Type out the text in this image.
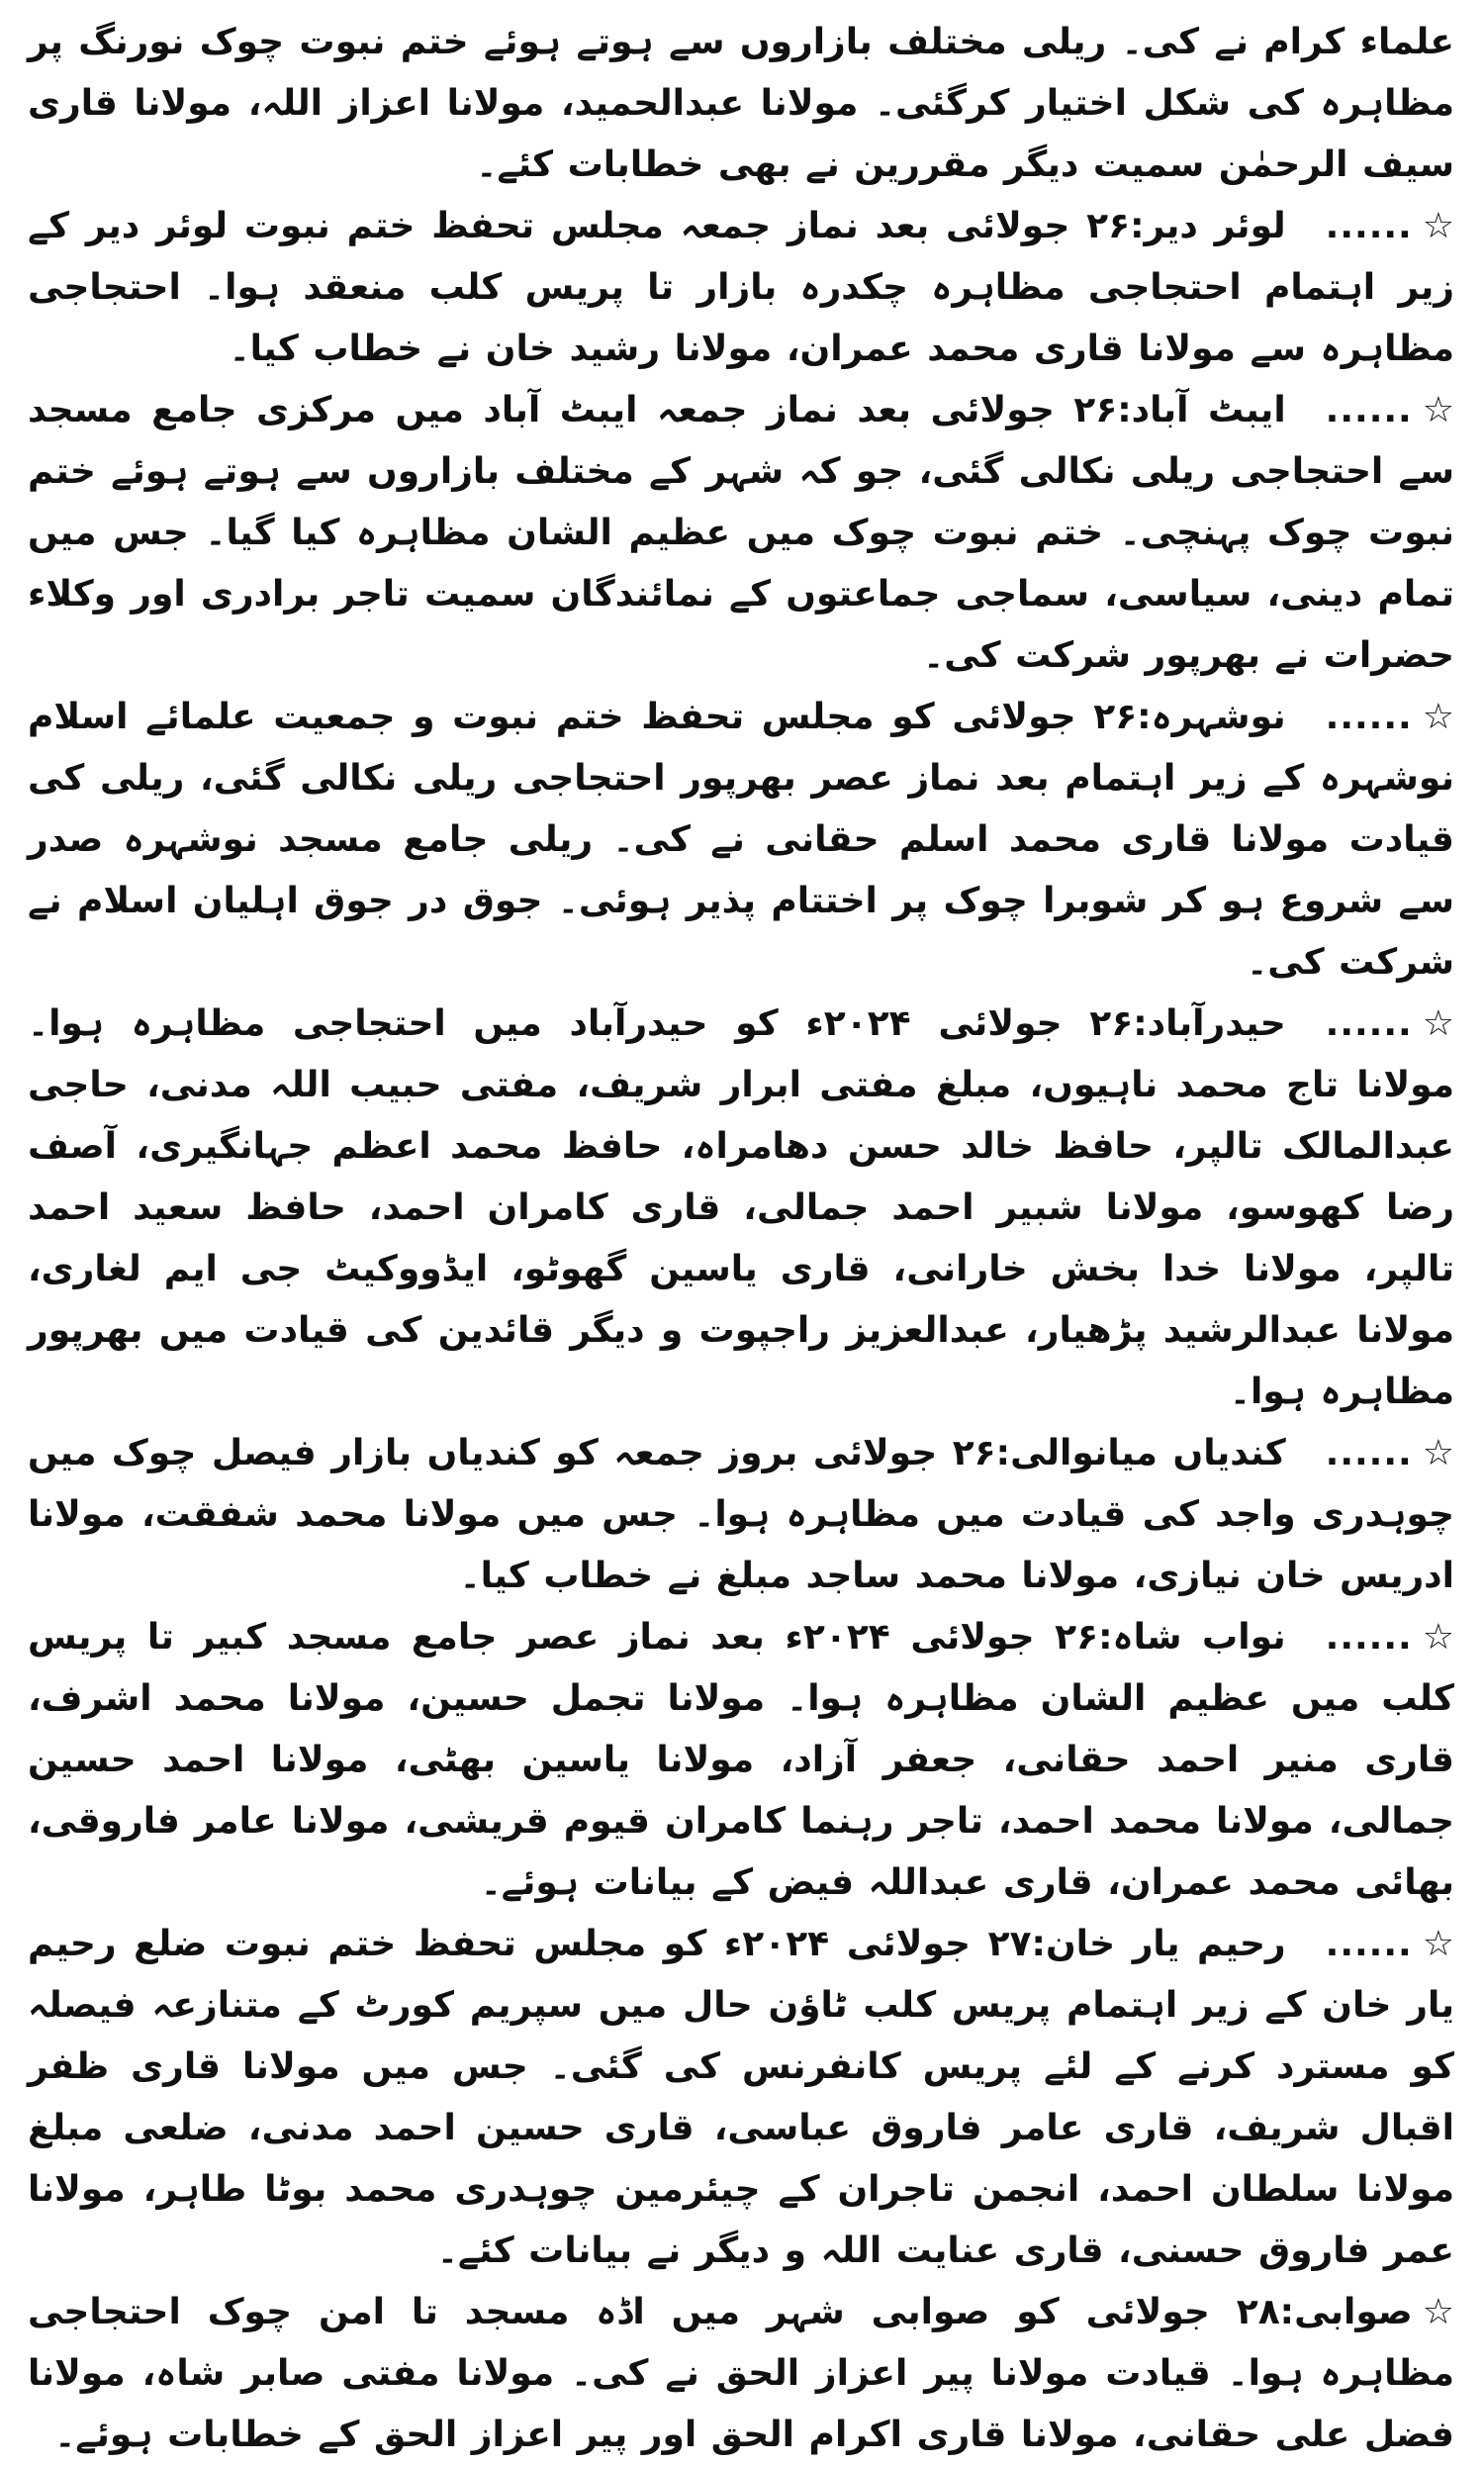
علماء کرام نے کی۔ ریلی مختلف بازاروں سے ہوتے ہوئے ختم نبوت چوک نورنگ پر مظاہرہ کی شکل اختیار کرگئی۔ مولانا عبدالحمید، مولانا اعزاز اللہ، مولانا قاری سیف الرحمٰن سمیت دیگر مقررین نے بھی خطابات کئے۔

☆......لوئر دیر:۲۶ جولائی بعد نماز جمعہ مجلس تحفظ ختم نبوت لوئر دیر کے زیر اہتمام احتجاجی مظاہرہ چکدرہ بازار تا پریس کلب منعقد ہوا۔ احتجاجی مظاہرہ سے مولانا قاری محمد عمران، مولانا رشید خان نے خطاب کیا۔

☆......ایبٹ آباد:۲۶ جولائی بعد نماز جمعہ ایبٹ آباد میں مرکزی جامع مسجد سے احتجاجی ریلی نکالی گئی، جو کہ شہر کے مختلف بازاروں سے ہوتے ہوئے ختم نبوت چوک پہنچی۔ ختم نبوت چوک میں عظیم الشان مظاہرہ کیا گیا۔ جس میں تمام دینی، سیاسی، سماجی جماعتوں کے نمائندگان سمیت تاجر برادری اور وکلاء حضرات نے بھرپور شرکت کی۔

☆......نوشہرہ:۲۶ جولائی کو مجلس تحفظ ختم نبوت و جمعیت علمائے اسلام نوشہرہ کے زیر اہتمام بعد نماز عصر بھرپور احتجاجی ریلی نکالی گئی، ریلی کی قیادت مولانا قاری محمد اسلم حقانی نے کی۔ ریلی جامع مسجد نوشہرہ صدر سے شروع ہو کر شوبرا چوک پر اختتام پذیر ہوئی۔ جوق در جوق اہلیان اسلام نے شرکت کی۔

☆......حیدرآباد:۲۶ جولائی ۲۰۲۴ء کو حیدرآباد میں احتجاجی مظاہرہ ہوا۔ مولانا تاج محمد ناہیوں، مبلغ مفتی ابرار شریف، مفتی حبیب اللہ مدنی، حاجی عبدالمالک تالپر، حافظ خالد حسن دھامراہ، حافظ محمد اعظم جہانگیری، آصف رضا کھوسو، مولانا شبیر احمد جمالی، قاری کامران احمد، حافظ سعید احمد تالپر، مولانا خدا بخش خارانی، قاری یاسین گھوٹو، ایڈووکیٹ جی ایم لغاری، مولانا عبدالرشید پڑھیار، عبدالعزیز راجپوت و دیگر قائدین کی قیادت میں بھرپور مظاہرہ ہوا۔

☆......کندیاں میانوالی:۲۶ جولائی بروز جمعہ کو کندیاں بازار فیصل چوک میں چوہدری واجد کی قیادت میں مظاہرہ ہوا۔ جس میں مولانا محمد شفقت، مولانا ادریس خان نیازی، مولانا محمد ساجد مبلغ نے خطاب کیا۔

☆......نواب شاہ:۲۶ جولائی ۲۰۲۴ء بعد نماز عصر جامع مسجد کبیر تا پریس کلب میں عظیم الشان مظاہرہ ہوا۔ مولانا تجمل حسین، مولانا محمد اشرف، قاری منیر احمد حقانی، جعفر آزاد، مولانا یاسین بھٹی، مولانا احمد حسین جمالی، مولانا محمد احمد، تاجر رہنما کامران قیوم قریشی، مولانا عامر فاروقی، بھائی محمد عمران، قاری عبداللہ فیض کے بیانات ہوئے۔

☆......رحیم یار خان:۲۷ جولائی ۲۰۲۴ء کو مجلس تحفظ ختم نبوت ضلع رحیم یار خان کے زیر اہتمام پریس کلب ٹاؤن حال میں سپریم کورٹ کے متنازعہ فیصلہ کو مسترد کرنے کے لئے پریس کانفرنس کی گئی۔ جس میں مولانا قاری ظفر اقبال شریف، قاری عامر فاروق عباسی، قاری حسین احمد مدنی، ضلعی مبلغ مولانا سلطان احمد، انجمن تاجران کے چیئرمین چوہدری محمد بوٹا طاہر، مولانا عمر فاروق حسنی، قاری عنایت اللہ و دیگر نے بیانات کئے۔

☆صوابی:۲۸ جولائی کو صوابی شہر میں اڈہ مسجد تا امن چوک احتجاجی مظاہرہ ہوا۔ قیادت مولانا پیر اعزاز الحق نے کی۔ مولانا مفتی صابر شاہ، مولانا فضل علی حقانی، مولانا قاری اکرام الحق اور پیر اعزاز الحق کے خطابات ہوئے۔
